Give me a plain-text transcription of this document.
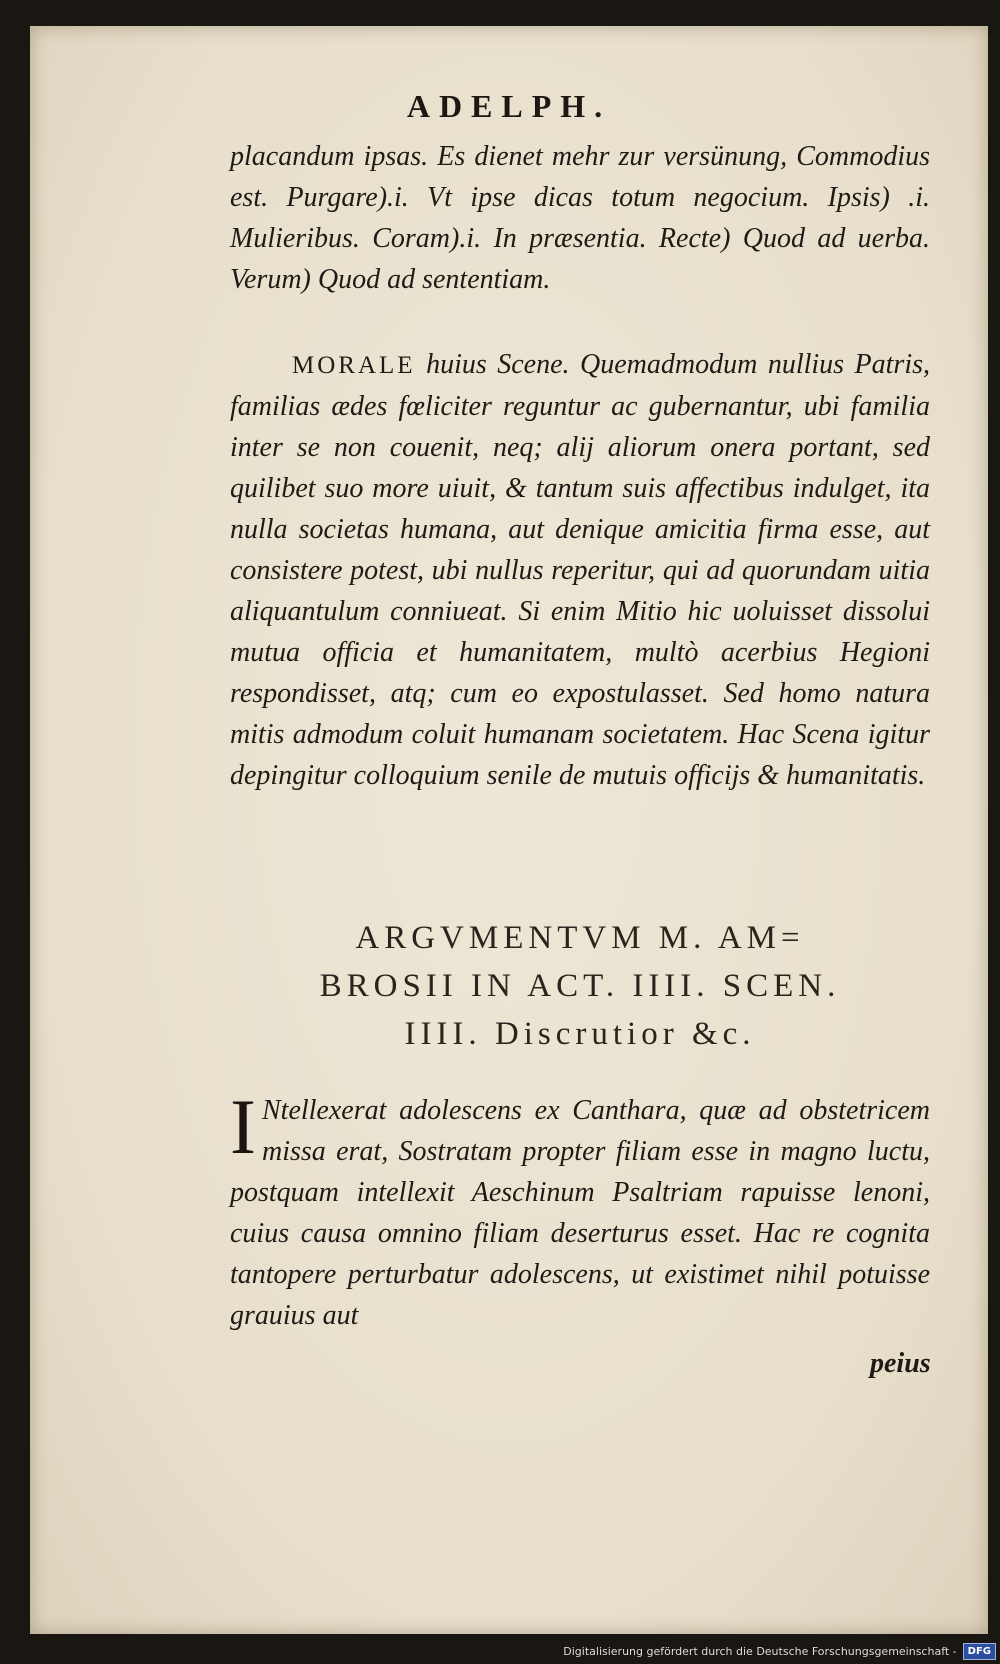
ADELPH.

placandum ipsas. Es dienet mehr zur versünung, Commodius est. Purgare).i. Vt ipse dicas totum negocium. Ipsis) .i. Mulieribus. Coram).i. In præsentia. Recte) Quod ad uerba. Verum) Quod ad sententiam.

MORALE huius Scene. Quemadmodum nullius Patris, familias ædes fœliciter reguntur ac gubernantur, ubi familia inter se non couenit, neq; alij aliorum onera portant, sed quilibet suo more uiuit, & tantum suis affectibus indulget, ita nulla societas humana, aut denique amicitia firma esse, aut consistere potest, ubi nullus reperitur, qui ad quorundam uitia aliquantulum conniueat. Si enim Mitio hic uoluisset dissolui mutua officia et humanitatem, multò acerbius Hegioni respondisset, atq; cum eo expostulasset. Sed homo natura mitis admodum coluit humanam societatem. Hac Scena igitur depingitur colloquium senile de mutuis officijs & humanitatis.

ARGVMENTVM M. AM=
BROSII IN ACT. IIII. SCEN.
IIII. Discrutior &c.
I Ntellexerat adolescens ex Canthara, quæ ad obstetricem missa erat, Sostratam propter filiam esse in magno luctu, postquam intellexit Aeschinum Psaltriam rapuisse lenoni, cuius causa omnino filiam deserturus esset. Hac re cognita tantopere perturbatur adolescens, ut existimet nihil potuisse grauius aut

peius
Digitalisierung gefördert durch die Deutsche Forschungsgemeinschaft -	DFG
